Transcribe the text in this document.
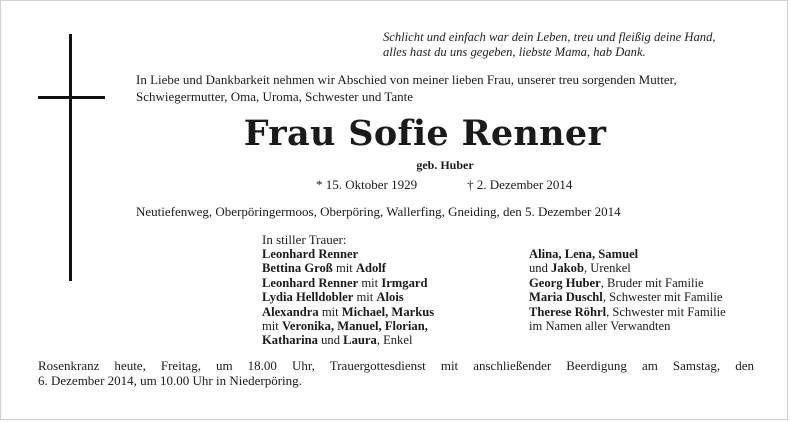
Schlicht und einfach war dein Leben, treu und fleißig deine Hand,
alles hast du uns gegeben, liebste Mama, hab Dank.
In Liebe und Dankbarkeit nehmen wir Abschied von meiner lieben Frau, unserer treu sorgenden Mutter,
Schwiegermutter, Oma, Uroma, Schwester und Tante
Frau Sofie Renner
geb. Huber
* 15. Oktober 1929	† 2. Dezember 2014
Neutiefenweg, Oberpöringermoos, Oberpöring, Wallerfing, Gneiding, den 5. Dezember 2014
In stiller Trauer:
Leonhard Renner
Bettina Groß mit Adolf
Leonhard Renner mit Irmgard
Lydia Helldobler mit Alois
Alexandra mit Michael, Markus
mit Veronika, Manuel, Florian,
Katharina und Laura, Enkel
Alina, Lena, Samuel
und Jakob, Urenkel
Georg Huber, Bruder mit Familie
Maria Duschl, Schwester mit Familie
Therese Röhrl, Schwester mit Familie
im Namen aller Verwandten
Rosenkranz heute, Freitag, um 18.00 Uhr, Trauergottesdienst mit anschließender Beerdigung am Samstag, den
6. Dezember 2014, um 10.00 Uhr in Niederpöring.
